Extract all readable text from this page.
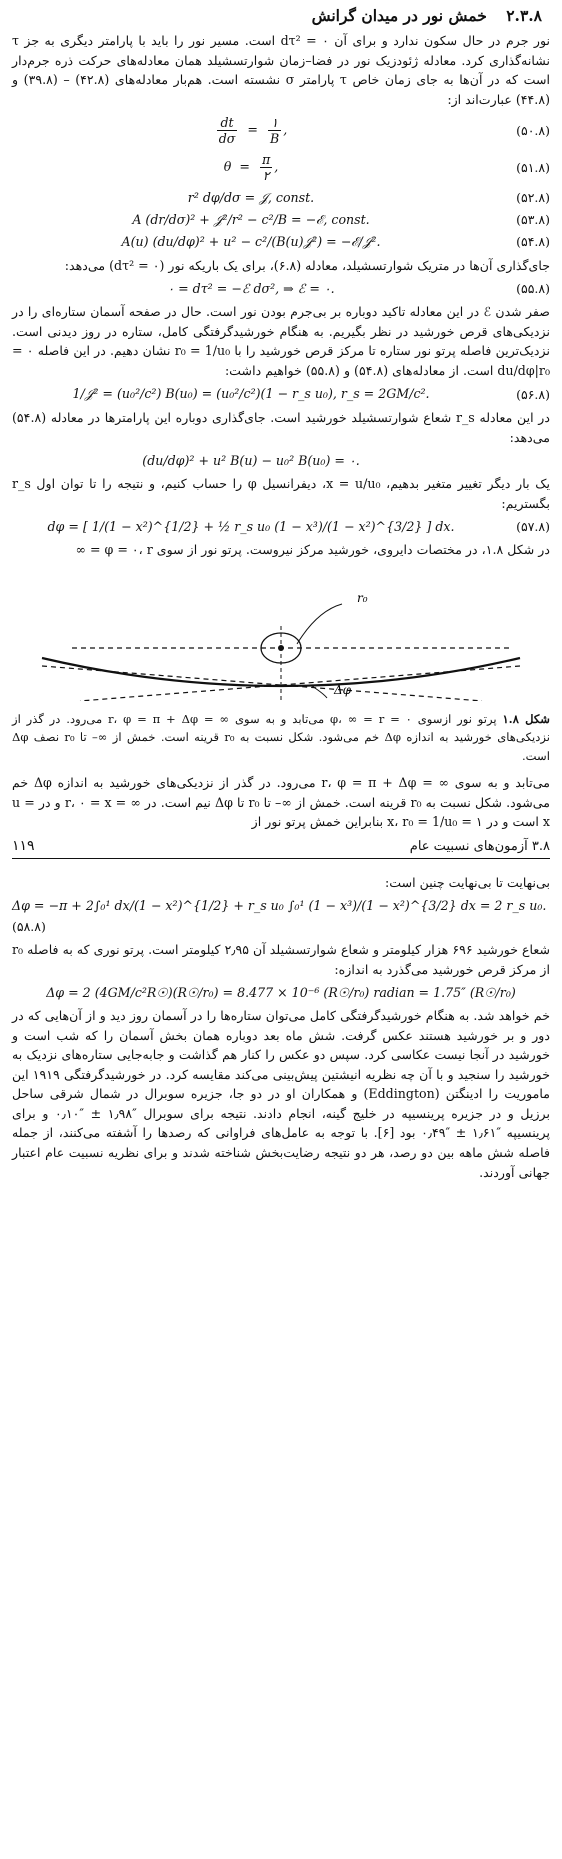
۲.۳.۸ خمش نور در میدان گرانش

نور جرم در حال سکون ندارد و برای آن ۰ = dτ² است. مسیر نور را باید با پارامتر دیگری به جز τ نشانه‌گذاری کرد. معادله ژئودزیک نور در فضا–زمان شوارتسشیلد همان معادله‌های حرکت ذره جرم‌دار است که در آن‌ها به جای زمان خاص τ پارامتر σ نشسته است. هم‌بار معادله‌های (۴۲.۸) – (۳۹.۸) و (۴۴.۸) عبارت‌اند از:

$\frac{dt}{d\sigma} = \frac{۱}{B}$ ,	(۵۰.۸)
$\theta = \frac{\pi}{۲}$ ,	(۵۱.۸)
r² dφ/dσ = 𝒥, const.	(۵۲.۸)
A (dr/dσ)² + 𝒥²/r² − c²/B = −ℰ, const.	(۵۳.۸)
A(u) (du/dφ)² + u² − c²/(B(u)𝒥²) = −ℰ/𝒥².	(۵۴.۸)

جای‌گذاری آن‌ها در متریک شوارتسشیلد، معادله (۶.۸)، برای یک باریکه نور (۰ = dτ²) می‌دهد:

۰ = dτ² = −ℰ dσ², ⇒ ℰ = ۰.	(۵۵.۸)

صفر شدن ℰ در این معادله تاکید دوباره بر بی‌جرم بودن نور است. حال در صفحه آسمان ستاره‌ای را در نزدیکی‌های قرص خورشید در نظر بگیریم. به هنگام خورشیدگرفتگی کامل، ستاره در روز دیدنی است. نزدیک‌ترین فاصله پرتو نور ستاره تا مرکز قرص خورشید را با r₀ = 1/u₀ نشان دهیم. در این فاصله ۰ = du/dφ|r₀ است. از معادله‌های (۵۴.۸) و (۵۵.۸) خواهیم داشت:

1/𝒥² = (u₀²/c²) B(u₀) = (u₀²/c²)(1 − r_s u₀), r_s = 2GM/c².	(۵۶.۸)

در این معادله r_s شعاع شوارتسشیلد خورشید است. جای‌گذاری دوباره این پارامترها در معادله (۵۴.۸) می‌دهد:

(du/dφ)² + u² B(u) − u₀² B(u₀) = ۰.

یک بار دیگر تغییر متغیر بدهیم، x = u/u₀، دیفرانسیل φ را حساب کنیم، و نتیجه را تا توان اول r_s بگستریم:

dφ = [ 1/(1 − x²)^{1/2} + ½ r_s u₀ (1 − x³)/(1 − x²)^{3/2} ] dx.	(۵۷.۸)

در شکل ۱.۸، در مختصات دایروی، خورشید مرکز نیروست. پرتو نور از سوی φ = ۰، r = ∞

r₀
Δφ
شکل ۱.۸ پرتو نور ازسوی ۰ = φ، ∞ = r می‌تابد و به سوی ∞ = r، φ = π + Δφ می‌رود. در گذر از نزدیکی‌های خورشید به اندازه Δφ خم می‌شود. شکل نسبت به r₀ قرینه است. خمش از ∞– تا r₀ نصف Δφ است.

می‌تابد و به سوی ∞ = r، φ = π + Δφ می‌رود. در گذر از نزدیکی‌های خورشید به اندازه Δφ خم می‌شود. شکل نسبت به r₀ قرینه است. خمش از ∞– تا r₀ تا Δφ نیم است. در ∞ = r، ۰ = x و در u = x است و در ۱ = x، r₀ = 1/u₀ بنابراین خمش پرتو نور از

۱۱۹	۳.۸ آزمون‌های نسبیت عام

بی‌نهایت تا بی‌نهایت چنین است:

Δφ = −π + 2∫₀¹ dx/(1 − x²)^{1/2} + r_s u₀ ∫₀¹ (1 − x³)/(1 − x²)^{3/2} dx = 2 r_s u₀.
(۵۸.۸)

شعاع خورشید ۶۹۶ هزار کیلومتر و شعاع شوارتسشیلد آن ۲٫۹۵ کیلومتر است. پرتو نوری که به فاصله r₀ از مرکز قرص خورشید می‌گذرد به اندازه:

Δφ = 2 (4GM/c²R☉)(R☉/r₀) = 8.477 × 10⁻⁶ (R☉/r₀) radian = 1.75″ (R☉/r₀)

خم خواهد شد. به هنگام خورشیدگرفتگی کامل می‌توان ستاره‌ها را در آسمان روز دید و از آن‌هایی که در دور و بر خورشید هستند عکس گرفت. شش ماه بعد دوباره همان بخش آسمان را که شب است و خورشید در آنجا نیست عکاسی کرد. سپس دو عکس را کنار هم گذاشت و جابه‌جایی ستاره‌های نزدیک به خورشید را سنجید و با آن چه نظریه انیشتین پیش‌بینی می‌کند مقایسه کرد. در خورشیدگرفتگی ۱۹۱۹ این ماموریت را ادینگتن (Eddington) و همکاران او در دو جا، جزیره سوبرال در شمال شرقی ساحل برزیل و در جزیره پرینسیپه در خلیج گینه، انجام دادند. نتیجه برای سوبرال ″۱٫۹۸ ± ″۰٫۱۰ و برای پرینسیپه ″۱٫۶۱ ± ″۰٫۴۹ بود [۶]. با توجه به عامل‌های فراوانی که رصدها را آشفته می‌کنند، از جمله فاصله شش ماهه بین دو رصد، هر دو نتیجه رضایت‌بخش شناخته شدند و برای نظریه نسبیت عام اعتبار جهانی آوردند.
